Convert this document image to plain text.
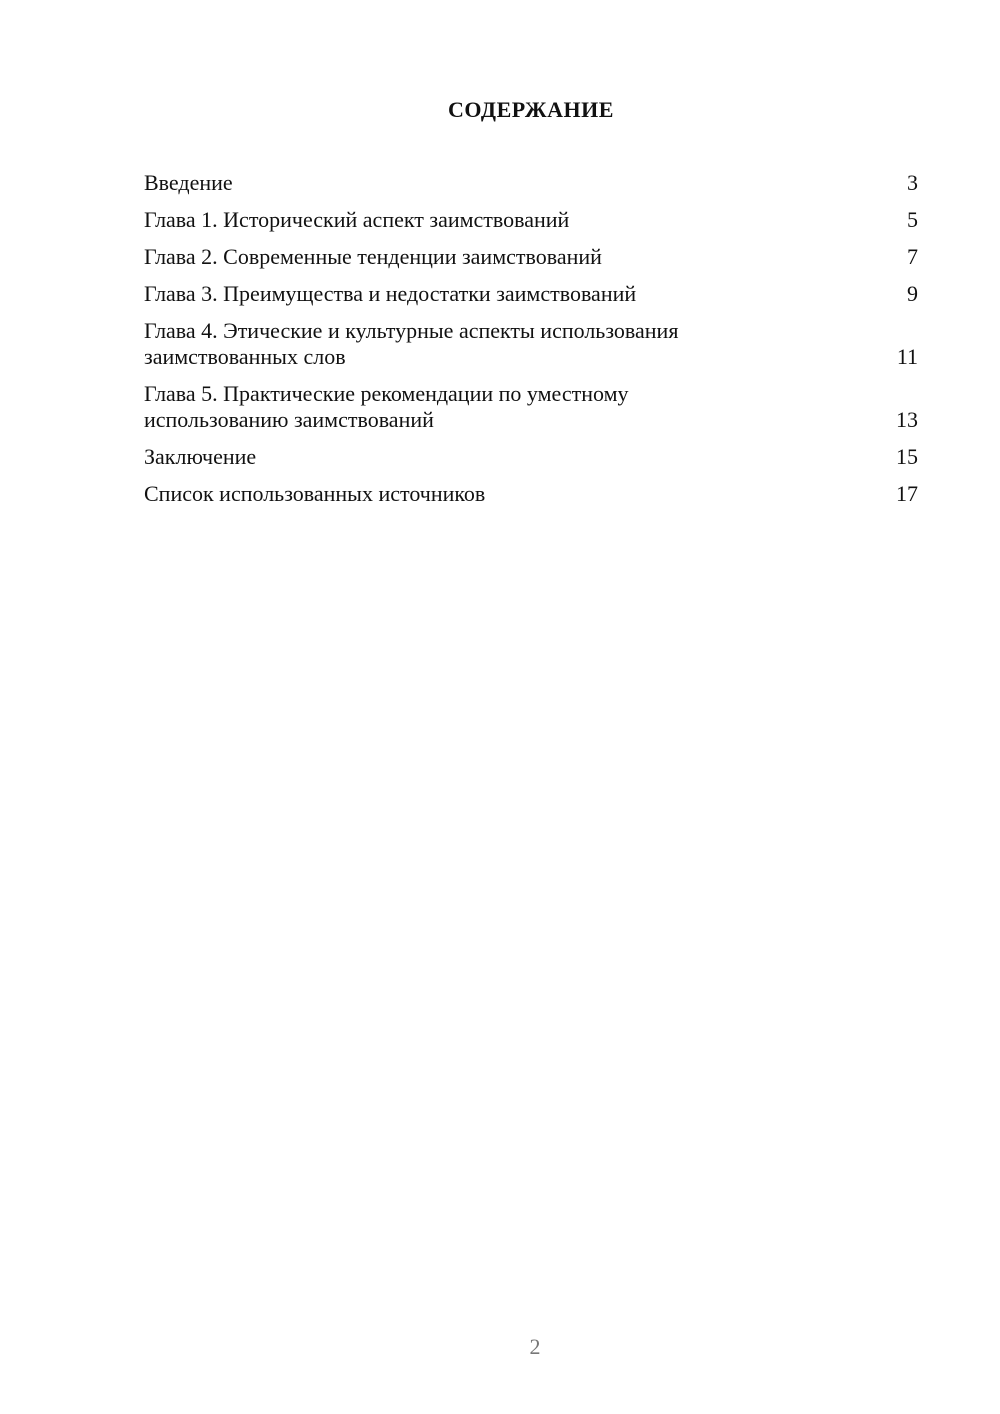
СОДЕРЖАНИЕ
Введение	3
Глава 1. Исторический аспект заимствований	5
Глава 2. Современные тенденции заимствований	7
Глава 3. Преимущества и недостатки заимствований	9
Глава 4. Этические и культурные аспекты использования заимствованных слов	11
Глава 5. Практические рекомендации по уместному использованию заимствований	13
Заключение	15
Список использованных источников	17
2
